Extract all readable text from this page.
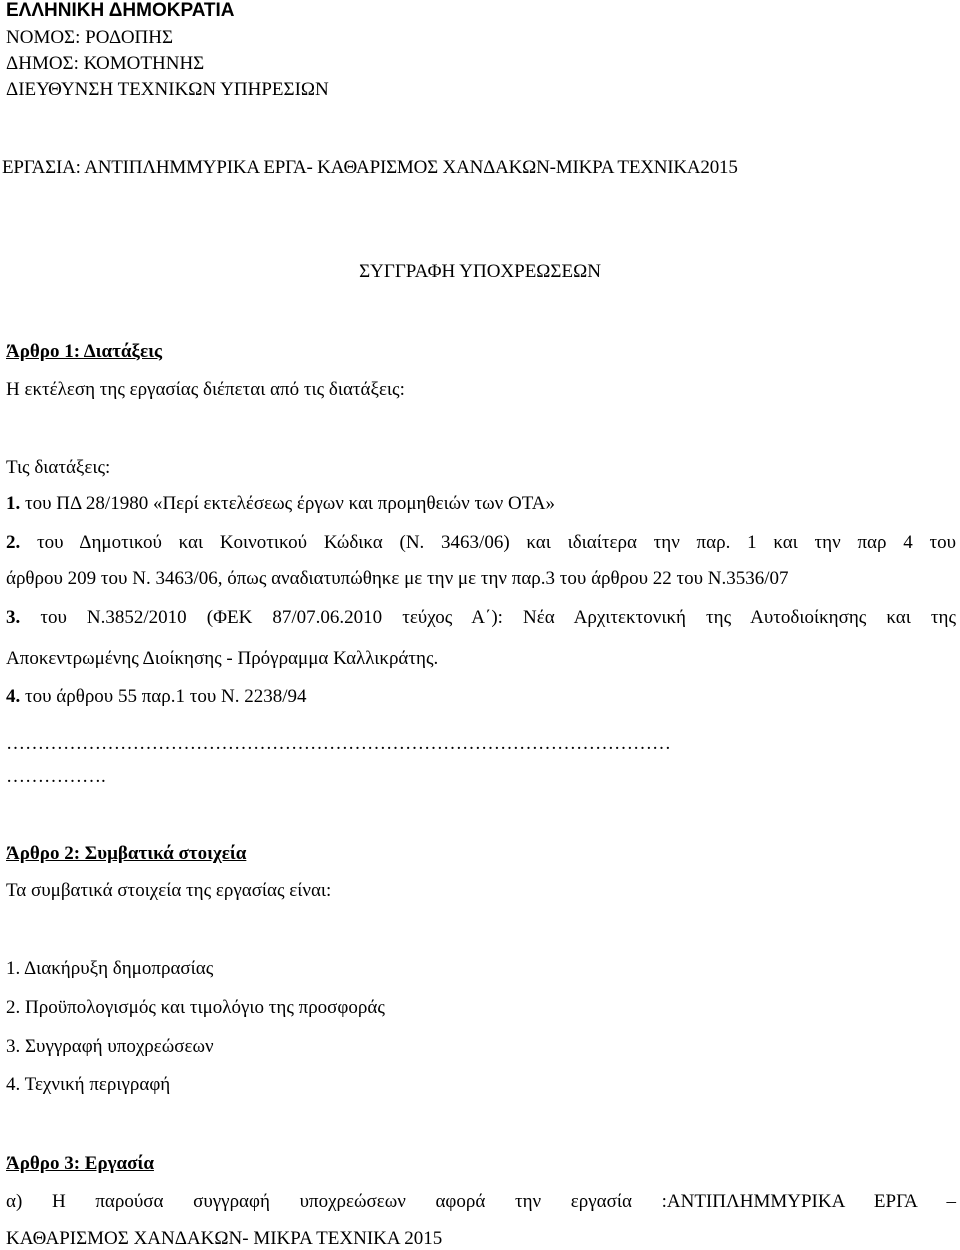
ΕΛΛΗΝΙΚΗ ΔΗΜΟΚΡΑΤΙΑ
ΝΟΜΟΣ: ΡΟΔΟΠΗΣ
ΔΗΜΟΣ: ΚΟΜΟΤΗΝΗΣ
ΔΙΕΥΘΥΝΣΗ ΤΕΧΝΙΚΩΝ ΥΠΗΡΕΣΙΩΝ
ΕΡΓΑΣΙΑ: ΑΝΤΙΠΛΗΜΜΥΡΙΚΑ ΕΡΓΑ- ΚΑΘΑΡΙΣΜΟΣ ΧΑΝΔΑΚΩΝ-ΜΙΚΡΑ ΤΕΧΝΙΚΑ2015
ΣΥΓΓΡΑΦΗ ΥΠΟΧΡΕΩΣΕΩΝ
Άρθρο 1: Διατάξεις
Η εκτέλεση της εργασίας διέπεται από τις διατάξεις:
Τις διατάξεις:
1. του ΠΔ 28/1980 «Περί εκτελέσεως έργων και προμηθειών των ΟΤΑ»
2. του Δημοτικού και Κοινοτικού Κώδικα (Ν. 3463/06) και ιδιαίτερα την παρ. 1 και την παρ 4 του
άρθρου 209 του Ν. 3463/06, όπως αναδιατυπώθηκε με την με την παρ.3 του άρθρου 22 του Ν.3536/07
3. του Ν.3852/2010 (ΦΕΚ 87/07.06.2010 τεύχος Α΄): Νέα Αρχιτεκτονική της Αυτοδιοίκησης και της
Αποκεντρωμένης Διοίκησης - Πρόγραμμα Καλλικράτης.
4. του άρθρου 55 παρ.1 του Ν. 2238/94
……………………………………………………………………………………………
…………….
Άρθρο 2: Συμβατικά στοιχεία
Τα συμβατικά στοιχεία της εργασίας είναι:
1. Διακήρυξη δημοπρασίας
2. Προϋπολογισμός και τιμολόγιο της προσφοράς
3. Συγγραφή υποχρεώσεων
4. Τεχνική περιγραφή
Άρθρο 3: Εργασία
α) Η παρούσα συγγραφή υποχρεώσεων αφορά την εργασία :ΑΝΤΙΠΛΗΜΜΥΡΙΚΑ ΕΡΓΑ –
ΚΑΘΑΡΙΣΜΟΣ ΧΑΝΔΑΚΩΝ- ΜΙΚΡΑ ΤΕΧΝΙΚΑ 2015
